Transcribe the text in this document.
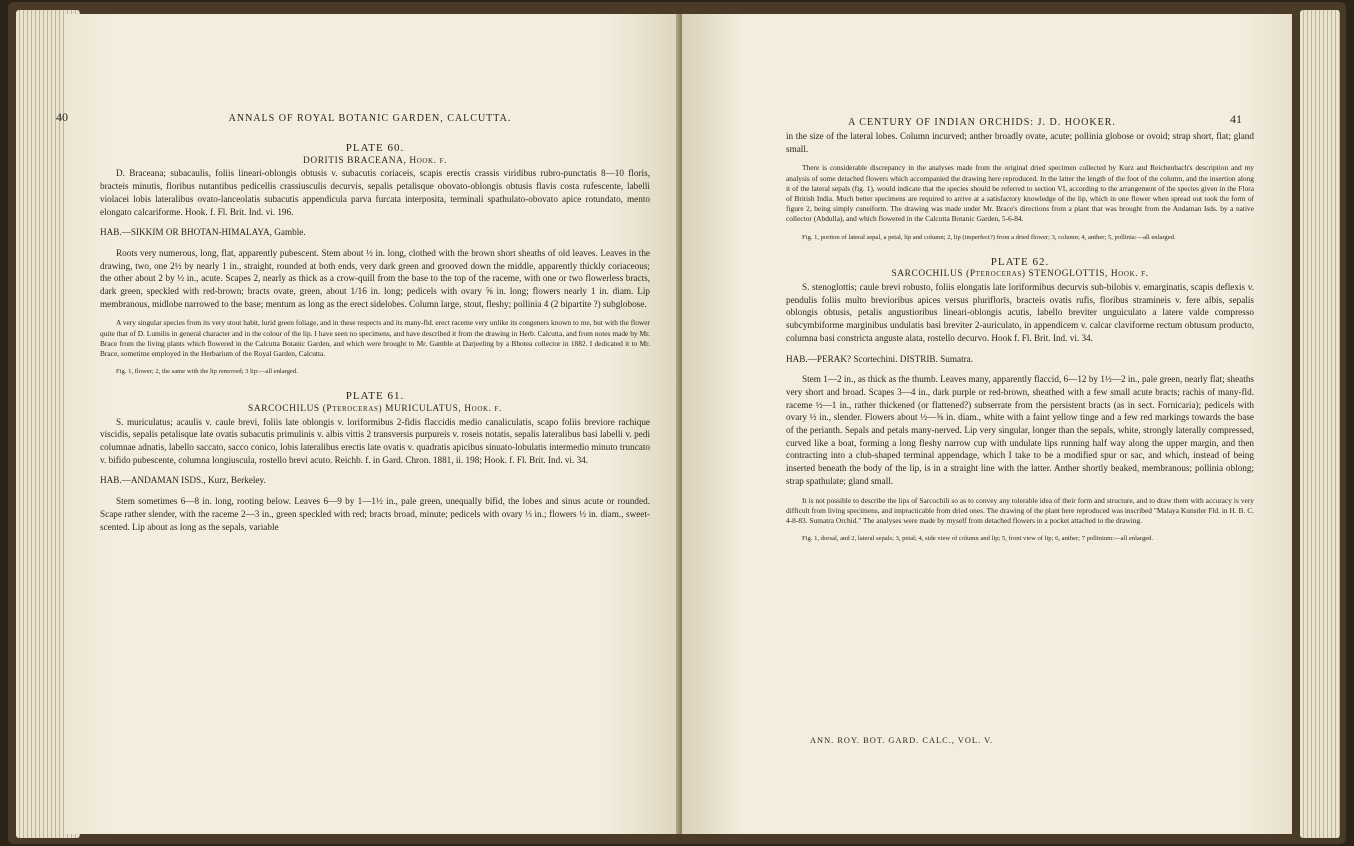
40	ANNALS OF ROYAL BOTANIC GARDEN, CALCUTTA.

PLATE 60.

DORITIS BRACEANA, Hook. f.

D. Braceana; subacaulis, foliis lineari-oblongis obtusis v. subacutis coriaceis, scapis erectis crassis viridibus rubro-punctatis 8—10 floris, bracteis minutis, floribus nutantibus pedicellis crassiusculis decurvis, sepalis petalisque obovato-oblongis obtusis flavis costa rufescente, labelli violacei lobis lateralibus ovato-lanceolatis subacutis appendicula parva furcata interposita, terminali spathulato-obovato apice rotundato, mento elongato calcariforme. Hook. f. Fl. Brit. Ind. vi. 196.

HAB.—SIKKIM OR BHOTAN-HIMALAYA, Gamble.

Roots very numerous, long, flat, apparently pubescent. Stem about ½ in. long, clothed with the brown short sheaths of old leaves. Leaves in the drawing, two, one 2½ by nearly 1 in., straight, rounded at both ends, very dark green and grooved down the middle, apparently thickly coriaceous; the other about 2 by ½ in., acute. Scapes 2, nearly as thick as a crow-quill from the base to the top of the raceme, with one or two flowerless bracts, dark green, speckled with red-brown; bracts ovate, green, about 1/16 in. long; pedicels with ovary ⅝ in. long; flowers nearly 1 in. diam. Lip membranous, midlobe narrowed to the base; mentum as long as the erect sidelobes. Column large, stout, fleshy; pollinia 4 (2 bipartite ?) subglobose.

A very singular species from its very stout habit, lurid green foliage, and in these respects and its many-fld. erect raceme very unlike its congeners known to me, but with the flower quite that of D. Lumilis in general character and in the colour of the lip. I have seen no specimens, and have described it from the drawing in Herb. Calcutta, and from notes made by Mr. Brace from the living plants which flowered in the Calcutta Botanic Garden, and which were brought to Mr. Gamble at Darjeeling by a Bhotea collector in 1882. I dedicated it to Mr. Brace, sometime employed in the Herbarium of the Royal Garden, Calcutta.

Fig. 1, flower; 2, the same with the lip removed; 3 lip:—all enlarged.

PLATE 61.

SARCOCHILUS (Pteroceras) MURICULATUS, Hook. f.

S. muriculatus; acaulis v. caule brevi, foliis late oblongis v. loriformibus 2-fidis flaccidis medio canaliculatis, scapo foliis breviore rachique viscidis, sepalis petalisque late ovatis subacutis primulinis v. albis vittis 2 transversis purpureis v. roseis notatis, sepalis lateralibus basi labelli v. pedi columnae adnatis, labello saccato, sacco conico, lobis lateralibus erectis late ovatis v. quadratis apicibus sinuato-lobulatis intermedio minuto truncato v. bifido pubescente, columna longiuscula, rostello brevi acuto. Reichb. f. in Gard. Chron. 1881, ii. 198; Hook. f. Fl. Brit. Ind. vi. 34.

HAB.—ANDAMAN ISDS., Kurz, Berkeley.

Stem sometimes 6—8 in. long, rooting below. Leaves 6—9 by 1—1½ in., pale green, unequally bifid, the lobes and sinus acute or rounded. Scape rather slender, with the raceme 2—3 in., green speckled with red; bracts broad, minute; pedicels with ovary ⅓ in.; flowers ½ in. diam., sweet-scented. Lip about as long as the sepals, variable

A CENTURY OF INDIAN ORCHIDS: J. D. HOOKER.	41

in the size of the lateral lobes. Column incurved; anther broadly ovate, acute; pollinia globose or ovoid; strap short, flat; gland small.

There is considerable discrepancy in the analyses made from the original dried specimen collected by Kurz and Reichenbach's description and my analysis of some detached flowers which accompanied the drawing here reproduced. In the latter the length of the foot of the column, and the insertion along it of the lateral sepals (fig. 1), would indicate that the species should be referred to section VI, according to the arrangement of the species given in the Flora of British India. Much better specimens are required to arrive at a satisfactory knowledge of the lip, which in one flower when spread out took the form of figure 2, being simply cuneiform. The drawing was made under Mr. Brace's directions from a plant that was brought from the Andaman Isds. by a native collector (Abdulla), and which flowered in the Calcutta Botanic Garden, 5-6-84.

Fig. 1, portion of lateral sepal, a petal, lip and column; 2, lip (imperfect?) from a dried flower; 3, column; 4, anther; 5, pollinia:—all enlarged.

PLATE 62.

SARCOCHILUS (Pteroceras) STENOGLOTTIS, Hook. f.

S. stenoglottis; caule brevi robusto, foliis elongatis late loriformibus decurvis sub-bilobis v. emarginatis, scapis deflexis v. pendulis foliis multo brevioribus apices versus pluriflorīs, bracteis ovatis rufis, floribus stramineis v. fere albis, sepalis oblongis obtusis, petalis angustioribus lineari-oblongis acutis, labello breviter unguiculato a latere valde compresso subcymbiforme marginibus undulatis basi breviter 2-auriculato, in appendicem v. calcar claviforme rectum obtusum producto, columna basi constricta anguste alata, rostello decurvo. Hook f. Fl. Brit. Ind. vi. 34.

HAB.—PERAK? Scortechini. DISTRIB. Sumatra.

Stem 1—2 in., as thick as the thumb. Leaves many, apparently flaccid, 6—12 by 1½—2 in., pale green, nearly flat; sheaths very short and broad. Scapes 3—4 in., dark purple or red-brown, sheathed with a few small acute bracts; rachis of many-fld. raceme ½—1 in., rather thickened (or flattened?) subserrate from the persistent bracts (as in sect. Fornicaria); pedicels with ovary ½ in., slender. Flowers about ½—⅝ in. diam., white with a faint yellow tinge and a few red markings towards the base of the perianth. Sepals and petals many-nerved. Lip very singular, longer than the sepals, white, strongly laterally compressed, curved like a boat, forming a long fleshy narrow cup with undulate lips running half way along the upper margin, and then contracting into a club-shaped terminal appendage, which I take to be a modified spur or sac, and which, instead of being inserted beneath the body of the lip, is in a straight line with the latter. Anther shortly beaked, membranous; pollinia oblong; strap spathulate; gland small.

It is not possible to describe the lips of Sarcochili so as to convey any tolerable idea of their form and structure, and to draw them with accuracy is very difficult from living specimens, and impracticable from dried ones. The drawing of the plant here reproduced was inscribed "Malaya Kunstler Fld. in H. B. C. 4-8-83. Sumatra Orchid." The analyses were made by myself from detached flowers in a pocket attached to the drawing.

Fig. 1, dorsal, and 2, lateral sepals; 3, petal; 4, side view of column and lip; 5, front view of lip; 6, anther; 7 pollinium:—all enlarged.

ANN. ROY. BOT. GARD. CALC., VOL. V.
